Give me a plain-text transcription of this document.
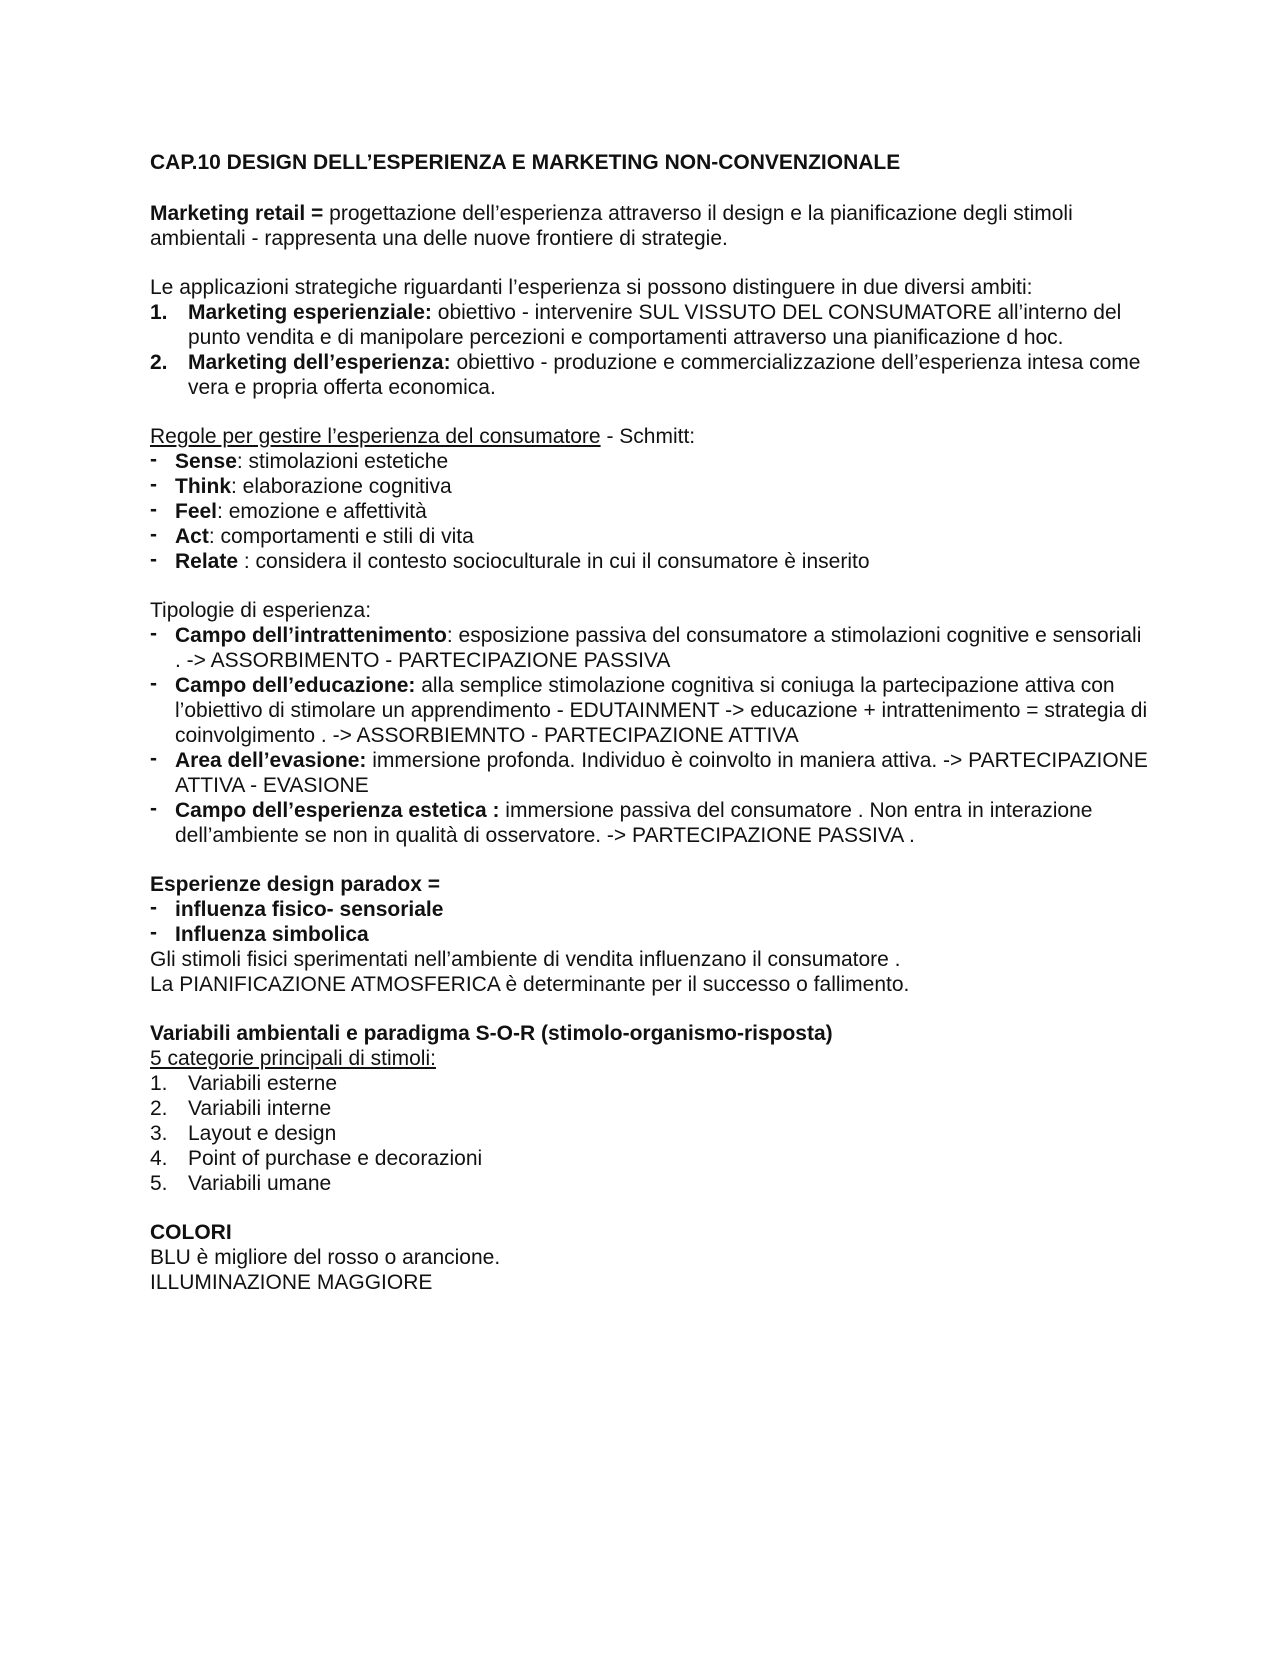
CAP.10 DESIGN DELL’ESPERIENZA E MARKETING NON-CONVENZIONALE

Marketing retail = progettazione dell’esperienza attraverso il design e la pianificazione degli stimoli ambientali - rappresenta una delle nuove frontiere di strategie.

Le applicazioni strategiche riguardanti l’esperienza si possono distinguere in due diversi ambiti:

1. Marketing esperienziale: obiettivo - intervenire SUL VISSUTO DEL CONSUMATORE all’interno del punto vendita e di manipolare percezioni e comportamenti attraverso una pianificazione d hoc.
2. Marketing dell’esperienza: obiettivo - produzione e commercializzazione dell’esperienza intesa come vera e propria offerta economica.

Regole per gestire l’esperienza del consumatore - Schmitt:

- Sense: stimolazioni estetiche
- Think: elaborazione cognitiva
- Feel: emozione e affettività
- Act: comportamenti e stili di vita
- Relate : considera il contesto socioculturale in cui il consumatore è inserito

Tipologie di esperienza:

- Campo dell’intrattenimento: esposizione passiva del consumatore a stimolazioni cognitive e sensoriali . -> ASSORBIMENTO - PARTECIPAZIONE PASSIVA
- Campo dell’educazione: alla semplice stimolazione cognitiva si coniuga la partecipazione attiva con l’obiettivo di stimolare un apprendimento - EDUTAINMENT -> educazione + intrattenimento = strategia di coinvolgimento . -> ASSORBIEMNTO - PARTECIPAZIONE ATTIVA
- Area dell’evasione: immersione profonda. Individuo è coinvolto in maniera attiva. -> PARTECIPAZIONE ATTIVA - EVASIONE
- Campo dell’esperienza estetica : immersione passiva del consumatore . Non entra in interazione dell’ambiente se non in qualità di osservatore. -> PARTECIPAZIONE PASSIVA .

Esperienze design paradox =

- influenza fisico- sensoriale
- Influenza simbolica

Gli stimoli fisici sperimentati nell’ambiente di vendita influenzano il consumatore .

La PIANIFICAZIONE ATMOSFERICA è determinante per il successo o fallimento.

Variabili ambientali e paradigma S-O-R (stimolo-organismo-risposta)

5 categorie principali di stimoli:

1. Variabili esterne
2. Variabili interne
3. Layout e design
4. Point of purchase e decorazioni
5. Variabili umane

COLORI

BLU è migliore del rosso o arancione.

ILLUMINAZIONE MAGGIORE
